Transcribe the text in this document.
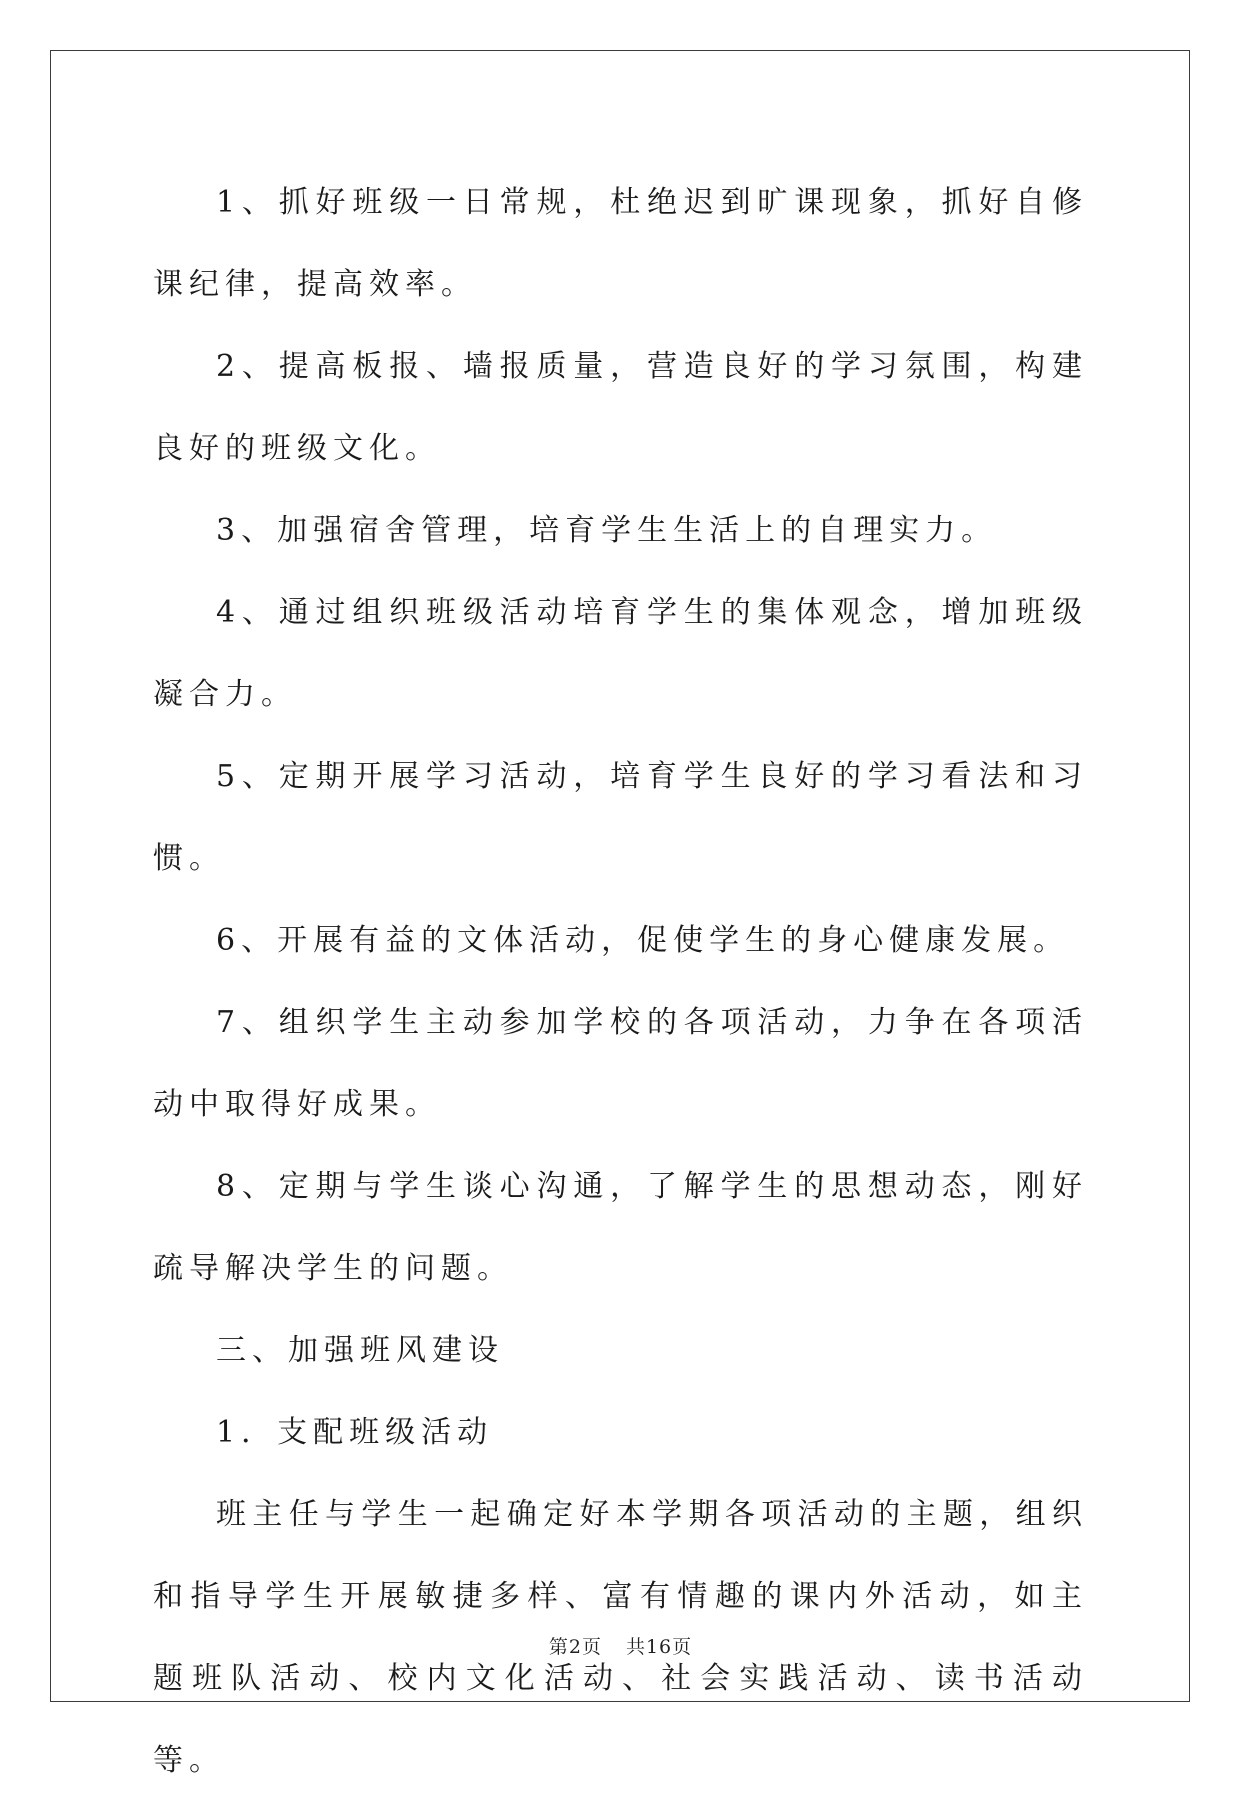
1、抓好班级一日常规，杜绝迟到旷课现象，抓好自修课纪律，提高效率。

2、提高板报、墙报质量，营造良好的学习氛围，构建良好的班级文化。

3、加强宿舍管理，培育学生生活上的自理实力。

4、通过组织班级活动培育学生的集体观念，增加班级凝合力。

5、定期开展学习活动，培育学生良好的学习看法和习惯。

6、开展有益的文体活动，促使学生的身心健康发展。

7、组织学生主动参加学校的各项活动，力争在各项活动中取得好成果。

8、定期与学生谈心沟通，了解学生的思想动态，刚好疏导解决学生的问题。

三、加强班风建设

1．支配班级活动

班主任与学生一起确定好本学期各项活动的主题，组织和指导学生开展敏捷多样、富有情趣的课内外活动，如主题班队活动、校内文化活动、社会实践活动、读书活动等。

第2页 共16页
